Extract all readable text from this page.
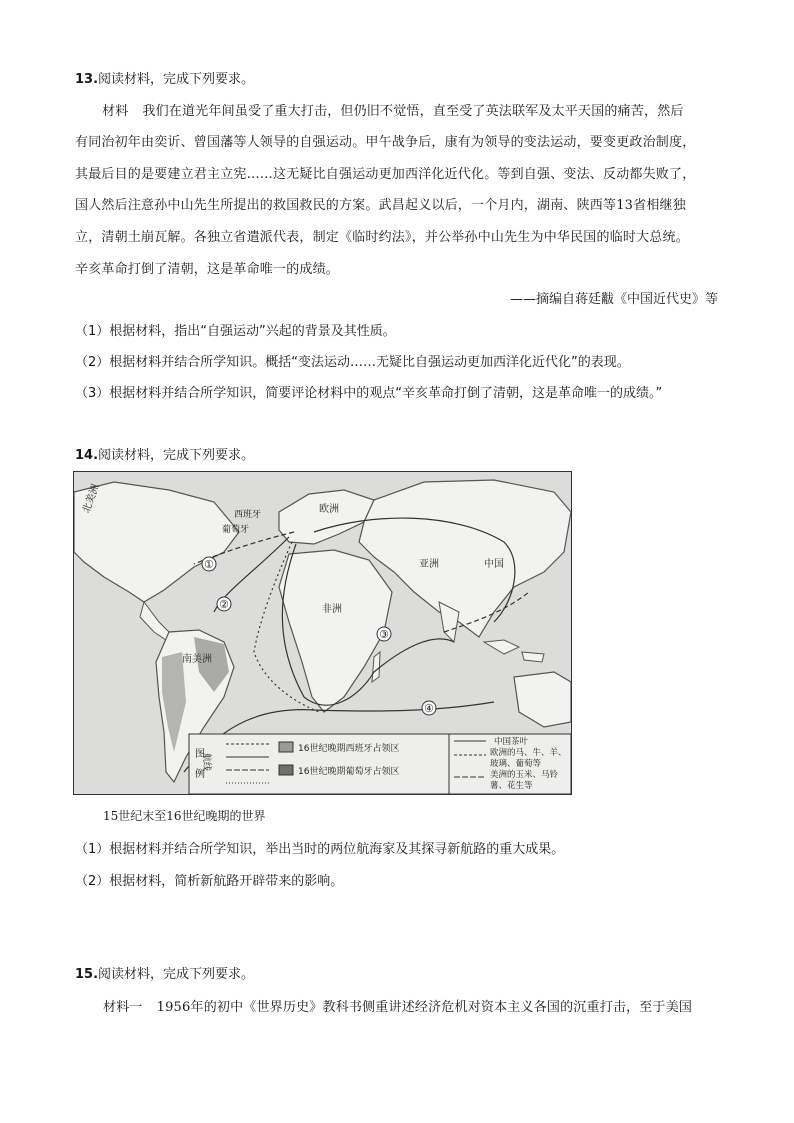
13.阅读材料，完成下列要求。
材料 我们在道光年间虽受了重大打击，但仍旧不觉悟，直至受了英法联军及太平天国的痛苦，然后
有同治初年由奕䜣、曾国藩等人领导的自强运动。甲午战争后，康有为领导的变法运动，要变更政治制度，
其最后目的是要建立君主立宪……这无疑比自强运动更加西洋化近代化。等到自强、变法、反动都失败了，
国人然后注意孙中山先生所提出的救国救民的方案。武昌起义以后，一个月内，湖南、陕西等13省相继独
立，清朝土崩瓦解。各独立省遣派代表，制定《临时约法》，并公举孙中山先生为中华民国的临时大总统。
辛亥革命打倒了清朝，这是革命唯一的成绩。
——摘编自蒋廷黻《中国近代史》等
（1）根据材料，指出“自强运动”兴起的背景及其性质。
（2）根据材料并结合所学知识。概括“变法运动……无疑比自强运动更加西洋化近代化”的表现。
（3）根据材料并结合所学知识，简要评论材料中的观点“辛亥革命打倒了清朝，这是革命唯一的成绩。”
14.阅读材料，完成下列要求。
①
②
③
④
北美洲	欧洲
西班牙
葡萄牙
亚洲	中国
非洲
南美洲
图
例
航线
16世纪晚期西班牙占领区
16世纪晚期葡萄牙占领区
中国茶叶
欧洲的马、牛、羊、
玻璃、葡萄等
美洲的玉米、马铃
薯、花生等
15世纪末至16世纪晚期的世界
（1）根据材料并结合所学知识，举出当时的两位航海家及其探寻新航路的重大成果。
（2）根据材料，简析新航路开辟带来的影响。
15.阅读材料，完成下列要求。
材料一 1956年的初中《世界历史》教科书侧重讲述经济危机对资本主义各国的沉重打击，至于美国
